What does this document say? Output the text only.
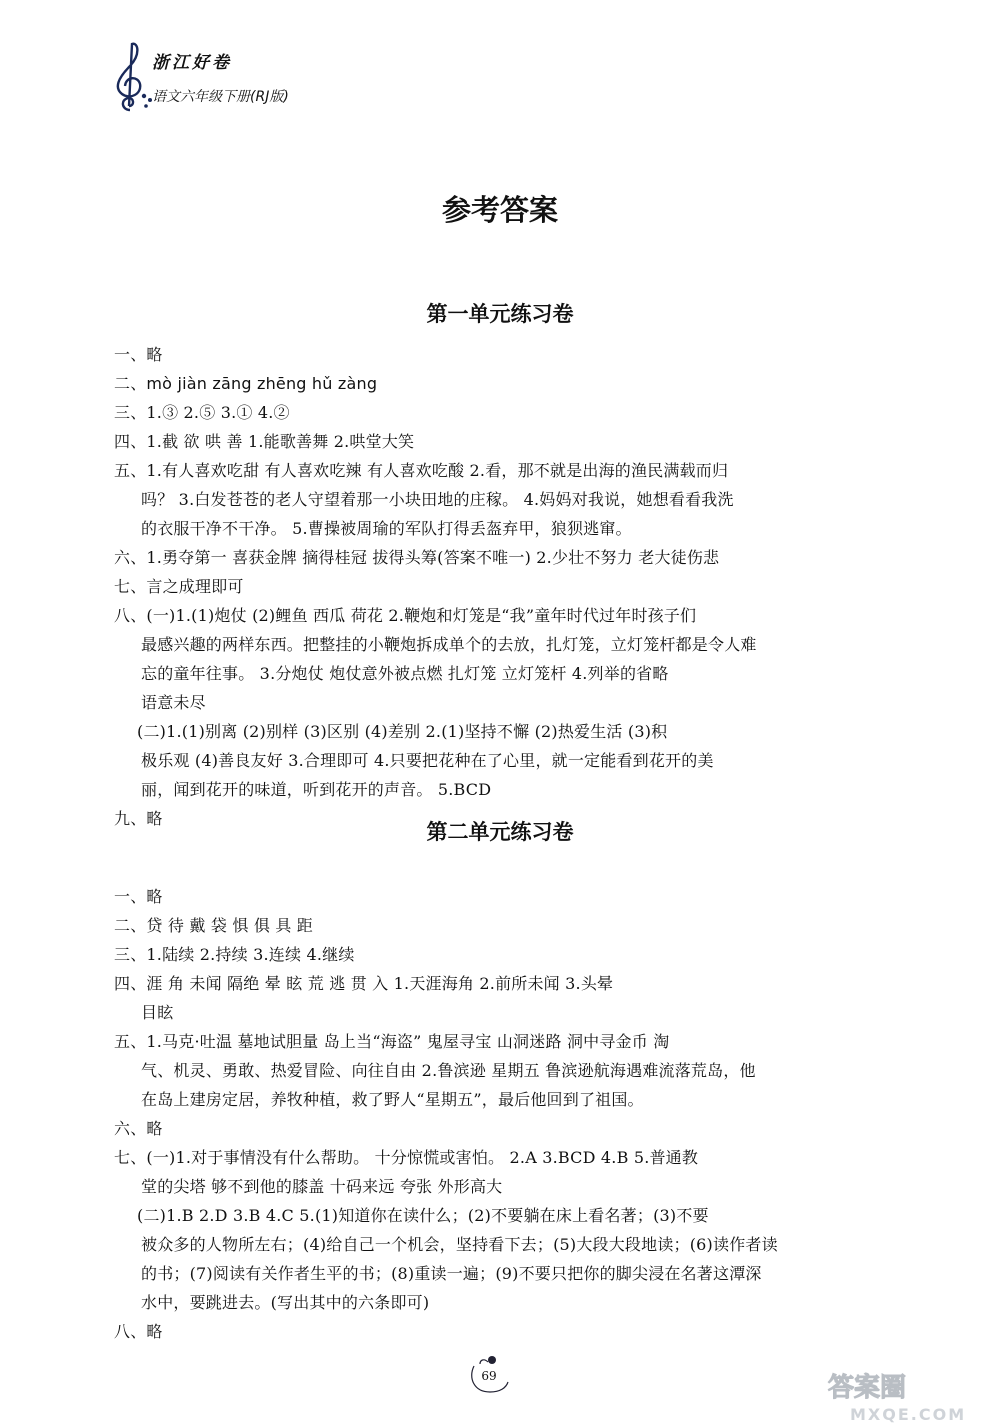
浙江好卷
语文六年级下册(RJ版)
参考答案
第一单元练习卷
一、略
二、mò jiàn zāng zhēng hǔ zàng
三、1.③ 2.⑤ 3.① 4.②
四、1.截 欲 哄 善 1.能歌善舞 2.哄堂大笑
五、1.有人喜欢吃甜 有人喜欢吃辣 有人喜欢吃酸 2.看，那不就是出海的渔民满载而归
吗？ 3.白发苍苍的老人守望着那一小块田地的庄稼。 4.妈妈对我说，她想看看我洗
的衣服干净不干净。 5.曹操被周瑜的军队打得丢盔弃甲，狼狈逃窜。
六、1.勇夺第一 喜获金牌 摘得桂冠 拔得头筹(答案不唯一) 2.少壮不努力 老大徒伤悲
七、言之成理即可
八、(一)1.(1)炮仗 (2)鲤鱼 西瓜 荷花 2.鞭炮和灯笼是“我”童年时代过年时孩子们
最感兴趣的两样东西。把整挂的小鞭炮拆成单个的去放，扎灯笼，立灯笼杆都是令人难
忘的童年往事。 3.分炮仗 炮仗意外被点燃 扎灯笼 立灯笼杆 4.列举的省略
语意未尽
(二)1.(1)别离 (2)别样 (3)区别 (4)差别 2.(1)坚持不懈 (2)热爱生活 (3)积
极乐观 (4)善良友好 3.合理即可 4.只要把花种在了心里，就一定能看到花开的美
丽，闻到花开的味道，听到花开的声音。 5.BCD
九、略
第二单元练习卷
一、略
二、贷 待 戴 袋 惧 俱 具 距
三、1.陆续 2.持续 3.连续 4.继续
四、涯 角 未闻 隔绝 晕 眩 荒 逃 贯 入 1.天涯海角 2.前所未闻 3.头晕
目眩
五、1.马克·吐温 墓地试胆量 岛上当“海盗” 鬼屋寻宝 山洞迷路 洞中寻金币 淘
气、机灵、勇敢、热爱冒险、向往自由 2.鲁滨逊 星期五 鲁滨逊航海遇难流落荒岛，他
在岛上建房定居，养牧种植，救了野人“星期五”，最后他回到了祖国。
六、略
七、(一)1.对于事情没有什么帮助。 十分惊慌或害怕。 2.A 3.BCD 4.B 5.普通教
堂的尖塔 够不到他的膝盖 十码来远 夸张 外形高大
(二)1.B 2.D 3.B 4.C 5.(1)知道你在读什么；(2)不要躺在床上看名著；(3)不要
被众多的人物所左右；(4)给自己一个机会，坚持看下去；(5)大段大段地读；(6)读作者读
的书；(7)阅读有关作者生平的书；(8)重读一遍；(9)不要只把你的脚尖浸在名著这潭深
水中，要跳进去。(写出其中的六条即可)
八、略
69	答案圈
MXQE.COM
